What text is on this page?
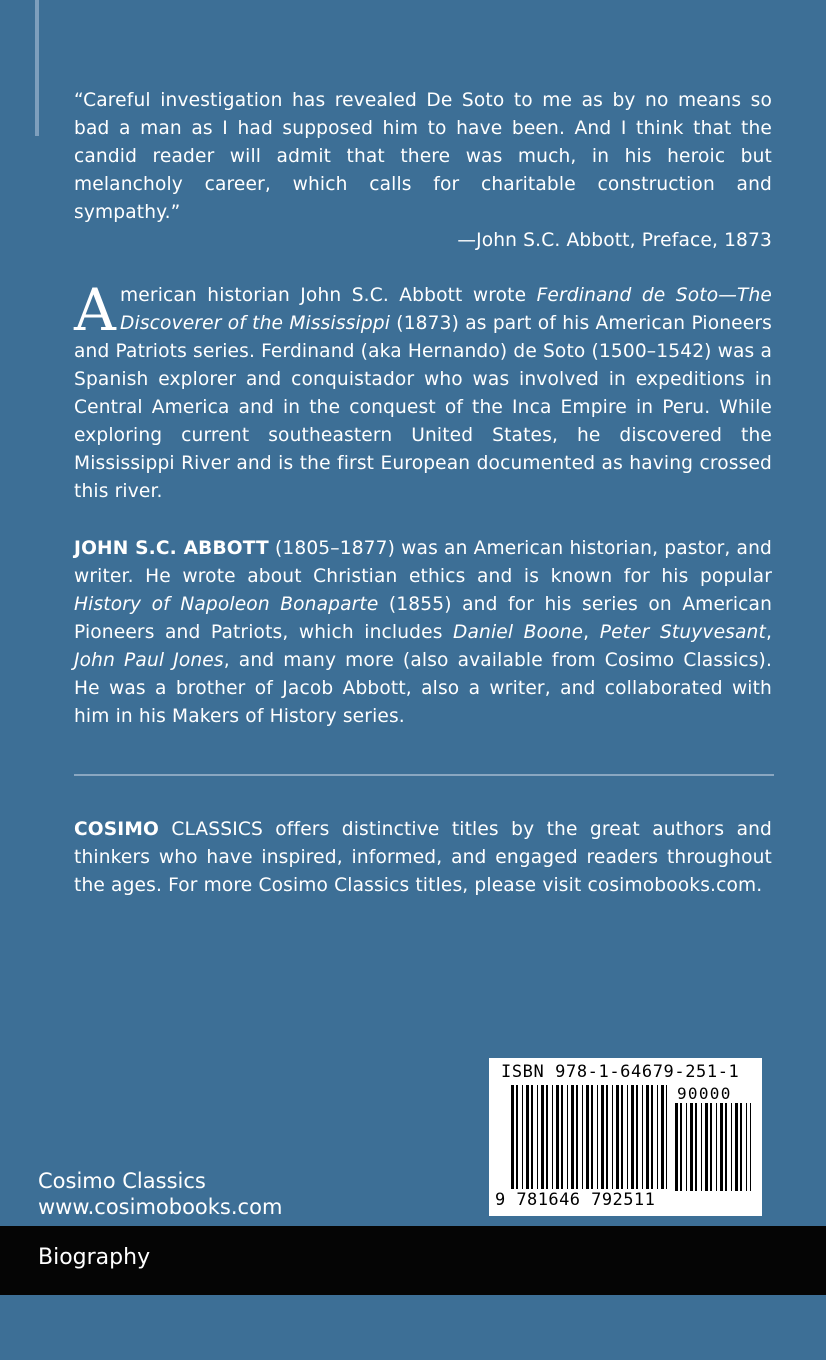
“Careful investigation has revealed De Soto to me as by no means so bad a man as I had supposed him to have been. And I think that the candid reader will admit that there was much, in his heroic but melancholy career, which calls for charitable construction and sympathy.”
—John S.C. Abbott, Preface, 1873
American historian John S.C. Abbott wrote Ferdinand de Soto—The Discoverer of the Mississippi (1873) as part of his American Pioneers and Patriots series. Ferdinand (aka Hernando) de Soto (1500–1542) was a Spanish explorer and conquistador who was involved in expeditions in Central America and in the conquest of the Inca Empire in Peru. While exploring current southeastern United States, he discovered the Mississippi River and is the first European documented as having crossed this river.
JOHN S.C. ABBOTT (1805–1877) was an American historian, pastor, and writer. He wrote about Christian ethics and is known for his popular History of Napoleon Bonaparte (1855) and for his series on American Pioneers and Patriots, which includes Daniel Boone, Peter Stuyvesant, John Paul Jones, and many more (also available from Cosimo Classics). He was a brother of Jacob Abbott, also a writer, and collaborated with him in his Makers of History series.
COSIMO CLASSICS offers distinctive titles by the great authors and thinkers who have inspired, informed, and engaged readers throughout the ages. For more Cosimo Classics titles, please visit cosimobooks.com.
Cosimo Classics
www.cosimobooks.com
ISBN 978-1-64679-251-1
90000
9 781646 792511
Biography
